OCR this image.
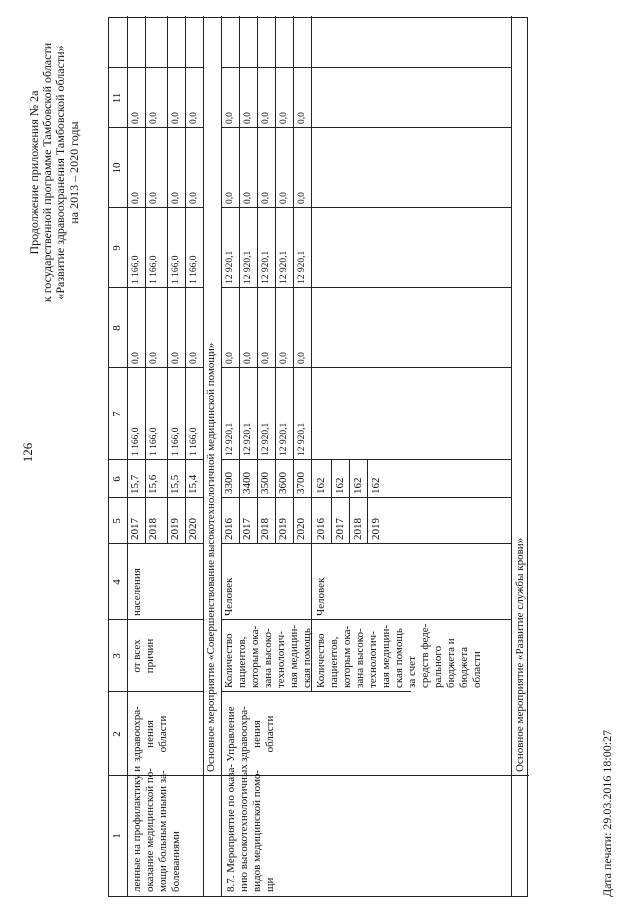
126
Продолжение приложения № 2а к государственной программе Тамбовской области «Развитие здравоохранения Тамбовской области» на 2013 – 2020 годы
1
2
3
4
5
6
7
8
9
10
11
ленные на профилактику и оказание медицинской по- мощи больным иными за- болеваниями
здравоохра- нения области
от всех причин
населения
2017
15,7
1 166,0
0,0
1 166,0
0,0
0,0
2018
15,6
1 166,0
0,0
1 166,0
0,0
0,0
2019
15,5
1 166,0
0,0
1 166,0
0,0
0,0
2020
15,4
1 166,0
0,0
1 166,0
0,0
0,0
Основное мероприятие «Совершенствование высокотехнологичной медицинской помощи»
8.7. Мероприятие по оказа- нию высокотехнологичных видов медицинской помо- щи
Управление здравоохра- нения области
Количество пациентов, которым ока- зана высоко- технологич- ная медицин- ская помощь
Человек
2016
3300
12 920,1
0,0
12 920,1
0,0
0,0
2017
3400
12 920,1
0,0
12 920,1
0,0
0,0
2018
3500
12 920,1
0,0
12 920,1
0,0
0,0
2019
3600
12 920,1
0,0
12 920,1
0,0
0,0
2020
3700
12 920,1
0,0
12 920,1
0,0
0,0
Количество пациентов, которым ока- зана высоко- технологич- ная медицин- ская помощь за счет средств феде- рального бюджета и бюджета области
Человек
2016
162
2017
162
2018
162
2019
162
Основное мероприятие «Развитие службы крови»
Дата печати: 29.03.2016 18:00:27
